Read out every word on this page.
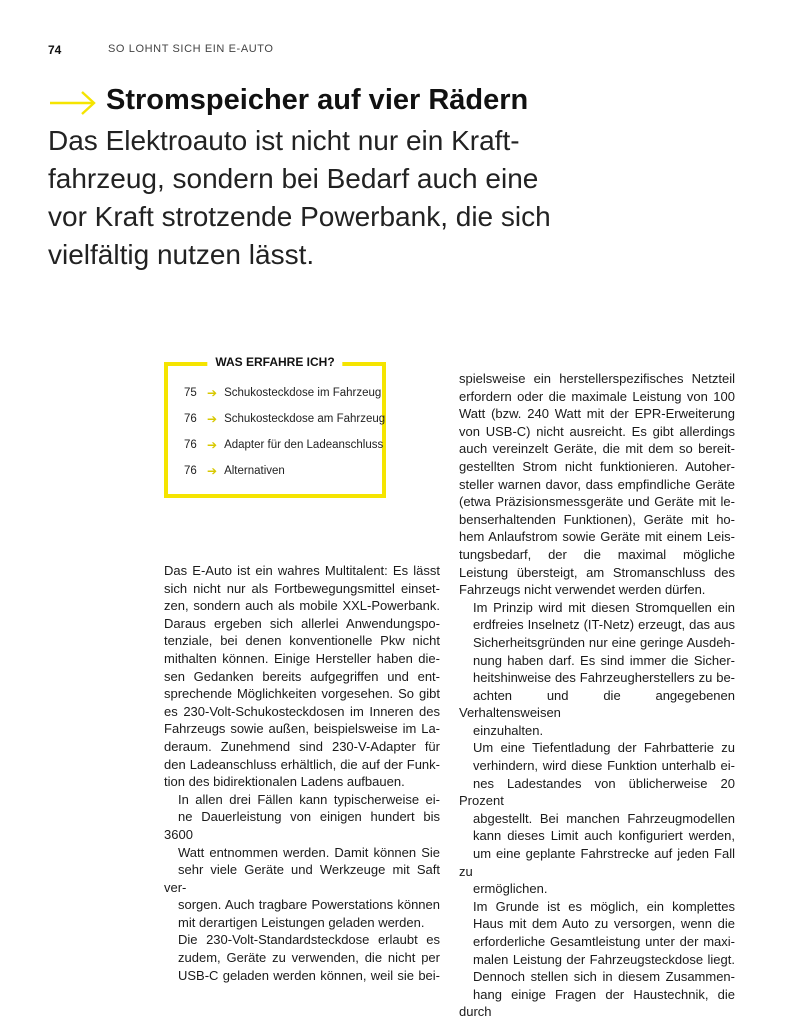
74	SO LOHNT SICH EIN E-AUTO
Stromspeicher auf vier Rädern
Das Elektroauto ist nicht nur ein Kraft-
fahrzeug, sondern bei Bedarf auch eine
vor Kraft strotzende Powerbank, die sich
vielfältig nutzen lässt.
WAS ERFAHRE ICH?
75 ➔ Schukosteckdose im Fahrzeug
76 ➔ Schukosteckdose am Fahrzeug
76 ➔ Adapter für den Ladeanschluss
76 ➔ Alternativen

Das E-Auto ist ein wahres Multitalent: Es lässt
sich nicht nur als Fortbewegungsmittel einset-
zen, sondern auch als mobile XXL-Powerbank.
Daraus ergeben sich allerlei Anwendungspo-
tenziale, bei denen konventionelle Pkw nicht
mithalten können. Einige Hersteller haben die-
sen Gedanken bereits aufgegriffen und ent-
sprechende Möglichkeiten vorgesehen. So gibt
es 230-Volt-Schukosteckdosen im Inneren des
Fahrzeugs sowie außen, beispielsweise im La-
deraum. Zunehmend sind 230-V-Adapter für
den Ladeanschluss erhältlich, die auf der Funk-
tion des bidirektionalen Ladens aufbauen.

In allen drei Fällen kann typischerweise ei-
ne Dauerleistung von einigen hundert bis 3600
Watt entnommen werden. Damit können Sie
sehr viele Geräte und Werkzeuge mit Saft ver-
sorgen. Auch tragbare Powerstations können
mit derartigen Leistungen geladen werden.

Die 230-Volt-Standardsteckdose erlaubt es
zudem, Geräte zu verwenden, die nicht per
USB-C geladen werden können, weil sie bei-

spielsweise ein herstellerspezifisches Netzteil
erfordern oder die maximale Leistung von 100
Watt (bzw. 240 Watt mit der EPR-Erweiterung
von USB-C) nicht ausreicht. Es gibt allerdings
auch vereinzelt Geräte, die mit dem so bereit-
gestellten Strom nicht funktionieren. Autoher-
steller warnen davor, dass empfindliche Geräte
(etwa Präzisionsmessgeräte und Geräte mit le-
benserhaltenden Funktionen), Geräte mit ho-
hem Anlaufstrom sowie Geräte mit einem Leis-
tungsbedarf, der die maximal mögliche
Leistung übersteigt, am Stromanschluss des
Fahrzeugs nicht verwendet werden dürfen.

Im Prinzip wird mit diesen Stromquellen ein
erdfreies Inselnetz (IT-Netz) erzeugt, das aus
Sicherheitsgründen nur eine geringe Ausdeh-
nung haben darf. Es sind immer die Sicher-
heitshinweise des Fahrzeugherstellers zu be-
achten und die angegebenen Verhaltensweisen
einzuhalten.

Um eine Tiefentladung der Fahrbatterie zu
verhindern, wird diese Funktion unterhalb ei-
nes Ladestandes von üblicherweise 20 Prozent
abgestellt. Bei manchen Fahrzeugmodellen
kann dieses Limit auch konfiguriert werden,
um eine geplante Fahrstrecke auf jeden Fall zu
ermöglichen.

Im Grunde ist es möglich, ein komplettes
Haus mit dem Auto zu versorgen, wenn die
erforderliche Gesamtleistung unter der maxi-
malen Leistung der Fahrzeugsteckdose liegt.
Dennoch stellen sich in diesem Zusammen-
hang einige Fragen der Haustechnik, die durch
